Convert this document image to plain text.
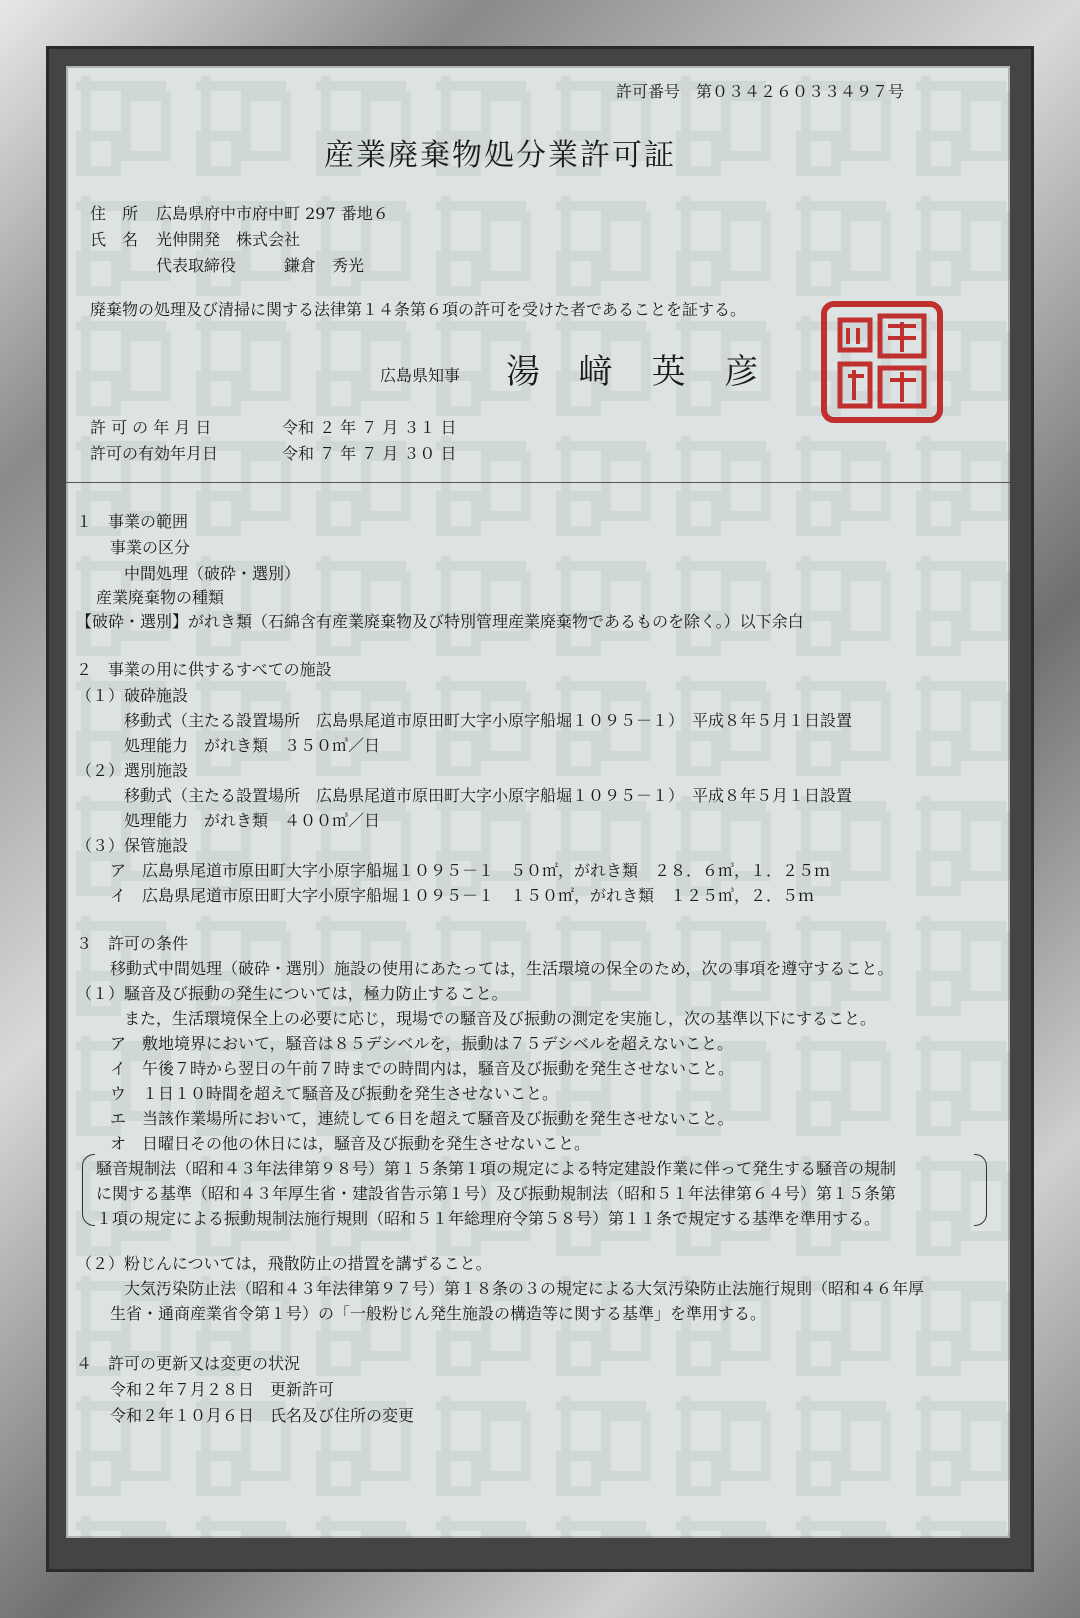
許可番号　第０３４２６０３３４９７号
産業廃棄物処分業許可証
住　所 広島県府中市府中町 297 番地６
氏　名 光伸開発　株式会社
代表取締役　　　鎌倉　秀光
廃棄物の処理及び清掃に関する法律第１４条第６項の許可を受けた者であることを証する。
広島県知事 湯 﨑 英 彦
許 可 の 年 月 日	令和 ２ 年 ７ 月 ３１ 日
許可の有効年月日	令和 ７ 年 ７ 月 ３０ 日
１　事業の範囲
事業の区分
中間処理（破砕・選別）
産業廃棄物の種類
【破砕・選別】がれき類（石綿含有産業廃棄物及び特別管理産業廃棄物であるものを除く。）以下余白
２　事業の用に供するすべての施設
（１）破砕施設
移動式（主たる設置場所　広島県尾道市原田町大字小原字船堀１０９５－１）　平成８年５月１日設置
処理能力　がれき類　３５０㎥／日
（２）選別施設
移動式（主たる設置場所　広島県尾道市原田町大字小原字船堀１０９５－１）　平成８年５月１日設置
処理能力　がれき類　４００㎥／日
（３）保管施設
ア　広島県尾道市原田町大字小原字船堀１０９５－１　５０㎡，がれき類　２８．６㎥，１．２５ｍ
イ　広島県尾道市原田町大字小原字船堀１０９５－１　１５０㎡，がれき類　１２５㎥，２．５ｍ
３　許可の条件
移動式中間処理（破砕・選別）施設の使用にあたっては，生活環境の保全のため，次の事項を遵守すること。
（１）騒音及び振動の発生については，極力防止すること。
また，生活環境保全上の必要に応じ，現場での騒音及び振動の測定を実施し，次の基準以下にすること。
ア　敷地境界において，騒音は８５デシベルを，振動は７５デシベルを超えないこと。
イ　午後７時から翌日の午前７時までの時間内は，騒音及び振動を発生させないこと。
ウ　１日１０時間を超えて騒音及び振動を発生させないこと。
エ　当該作業場所において，連続して６日を超えて騒音及び振動を発生させないこと。
オ　日曜日その他の休日には，騒音及び振動を発生させないこと。
騒音規制法（昭和４３年法律第９８号）第１５条第１項の規定による特定建設作業に伴って発生する騒音の規制
に関する基準（昭和４３年厚生省・建設省告示第１号）及び振動規制法（昭和５１年法律第６４号）第１５条第
１項の規定による振動規制法施行規則（昭和５１年総理府令第５８号）第１１条で規定する基準を準用する。
（２）粉じんについては，飛散防止の措置を講ずること。
大気汚染防止法（昭和４３年法律第９７号）第１８条の３の規定による大気汚染防止法施行規則（昭和４６年厚
生省・通商産業省令第１号）の「一般粉じん発生施設の構造等に関する基準」を準用する。
４　許可の更新又は変更の状況
令和２年７月２８日　更新許可
令和２年１０月６日　氏名及び住所の変更
